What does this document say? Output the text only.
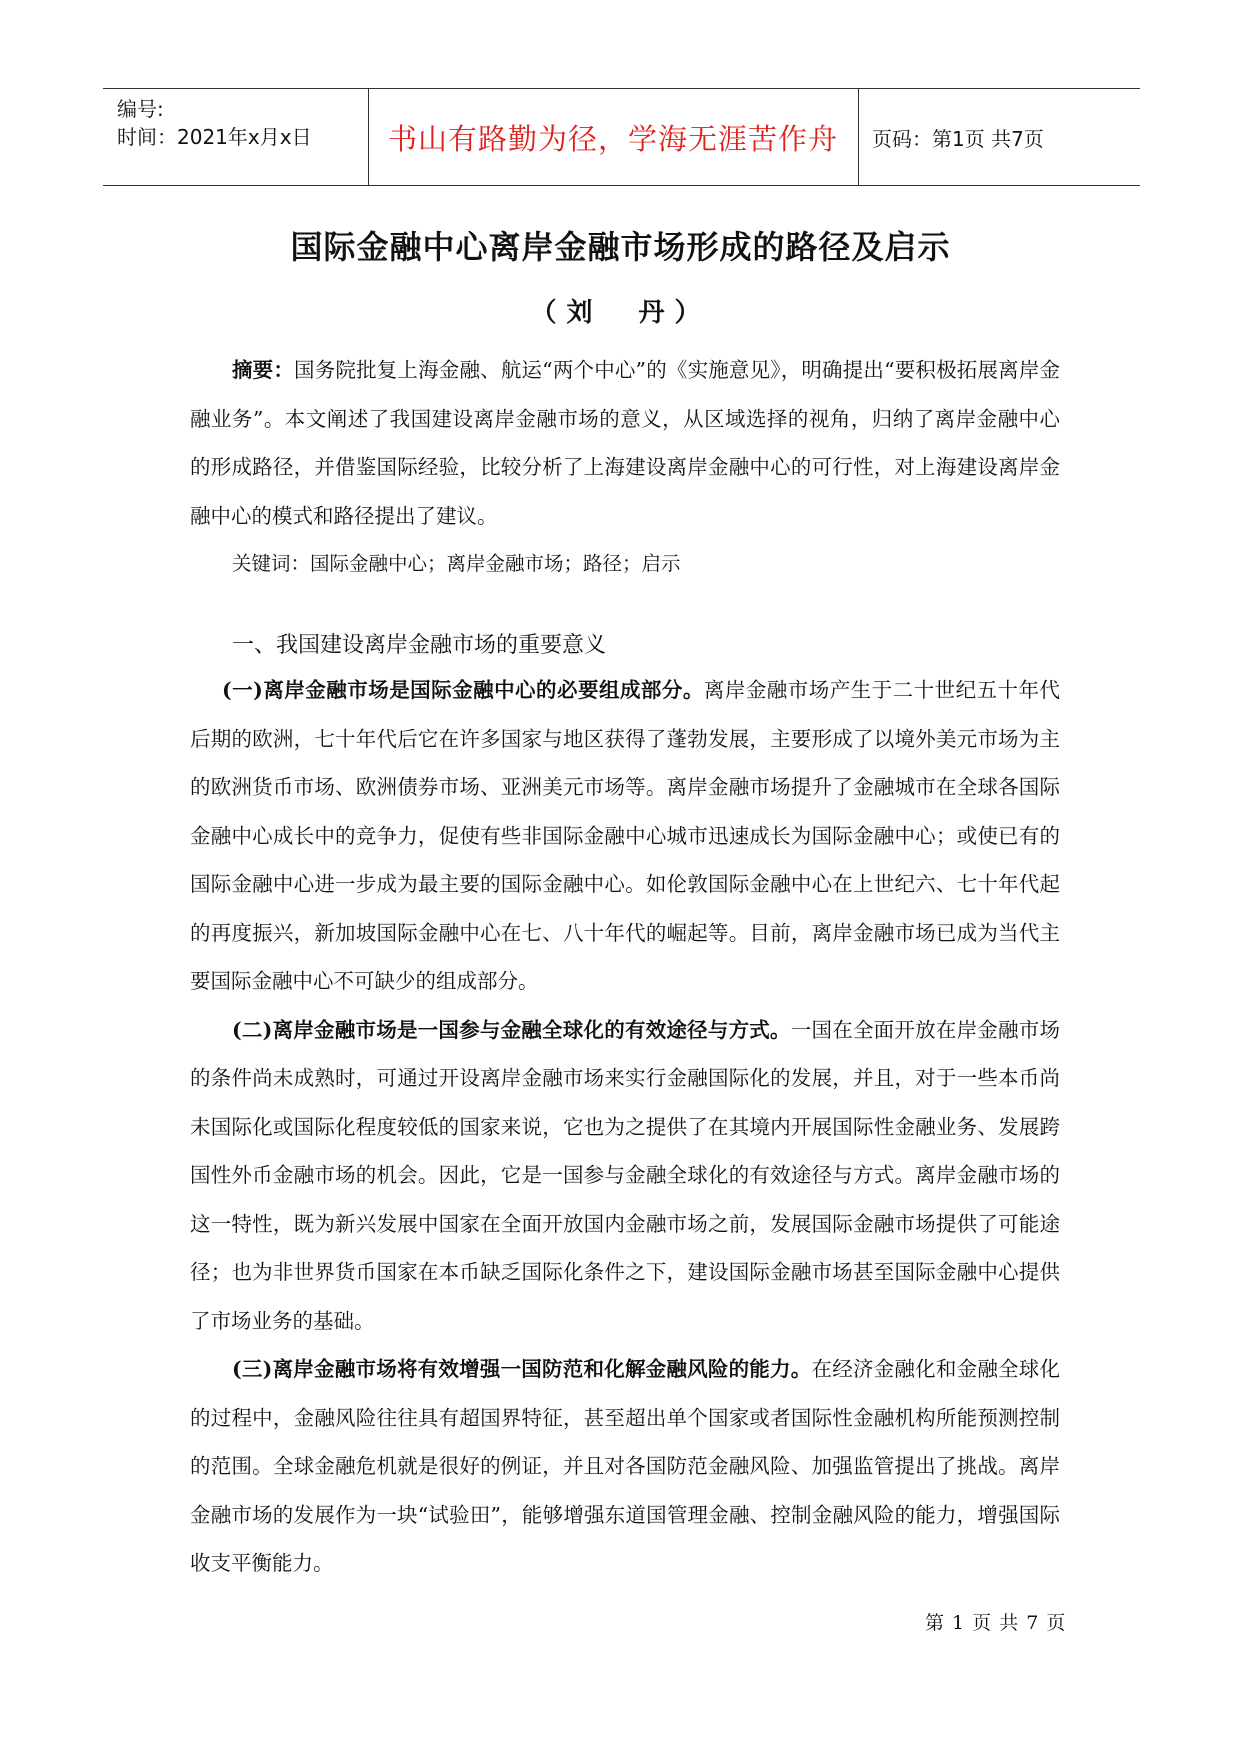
编号:
时间：2021年x月x日	书山有路勤为径，学海无涯苦作舟 页码：第1页 共7页
国际金融中心离岸金融市场形成的路径及启示
（刘　丹）

摘要：国务院批复上海金融、航运“两个中心”的《实施意见》，明确提出“要积极拓展离岸金融业务”。本文阐述了我国建设离岸金融市场的意义，从区域选择的视角，归纳了离岸金融中心的形成路径，并借鉴国际经验，比较分析了上海建设离岸金融中心的可行性，对上海建设离岸金融中心的模式和路径提出了建议。

关键词：国际金融中心；离岸金融市场；路径；启示

一、我国建设离岸金融市场的重要意义

(一)离岸金融市场是国际金融中心的必要组成部分。离岸金融市场产生于二十世纪五十年代后期的欧洲，七十年代后它在许多国家与地区获得了蓬勃发展，主要形成了以境外美元市场为主的欧洲货币市场、欧洲债券市场、亚洲美元市场等。离岸金融市场提升了金融城市在全球各国际金融中心成长中的竞争力，促使有些非国际金融中心城市迅速成长为国际金融中心；或使已有的国际金融中心进一步成为最主要的国际金融中心。如伦敦国际金融中心在上世纪六、七十年代起的再度振兴，新加坡国际金融中心在七、八十年代的崛起等。目前，离岸金融市场已成为当代主要国际金融中心不可缺少的组成部分。

(二)离岸金融市场是一国参与金融全球化的有效途径与方式。一国在全面开放在岸金融市场的条件尚未成熟时，可通过开设离岸金融市场来实行金融国际化的发展，并且，对于一些本币尚未国际化或国际化程度较低的国家来说，它也为之提供了在其境内开展国际性金融业务、发展跨国性外币金融市场的机会。因此，它是一国参与金融全球化的有效途径与方式。离岸金融市场的这一特性，既为新兴发展中国家在全面开放国内金融市场之前，发展国际金融市场提供了可能途径；也为非世界货币国家在本币缺乏国际化条件之下，建设国际金融市场甚至国际金融中心提供了市场业务的基础。

(三)离岸金融市场将有效增强一国防范和化解金融风险的能力。在经济金融化和金融全球化的过程中，金融风险往往具有超国界特征，甚至超出单个国家或者国际性金融机构所能预测控制的范围。全球金融危机就是很好的例证，并且对各国防范金融风险、加强监管提出了挑战。离岸金融市场的发展作为一块“试验田”，能够增强东道国管理金融、控制金融风险的能力，增强国际收支平衡能力。

第 1 页 共 7 页
